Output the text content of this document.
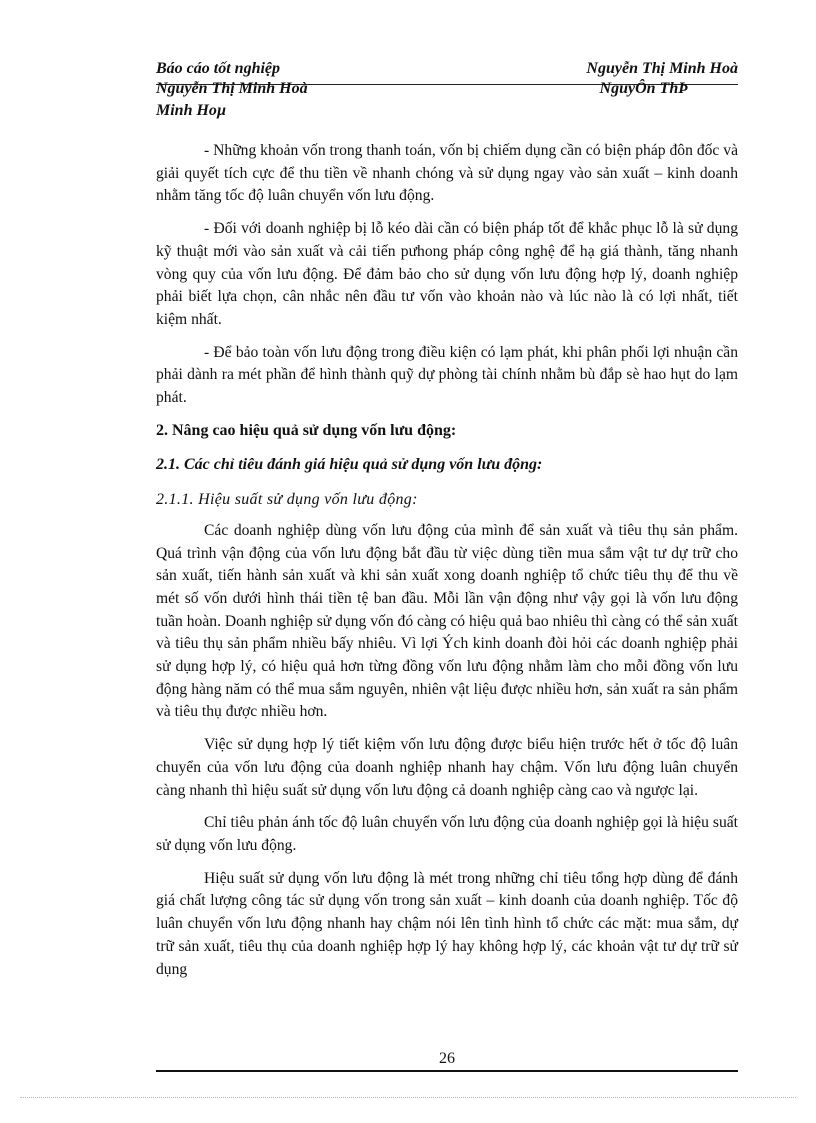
Báo cáo tốt nghiệp	Nguyễn Thị Minh Hoà
Nguyễn Thị Minh Hoà	NguyÔn ThÞ
Minh Hoµ

- Những khoản vốn trong thanh toán, vốn bị chiếm dụng cần có biện pháp đôn đốc và giải quyết tích cực để thu tiền về nhanh chóng và sử dụng ngay vào sản xuất – kinh doanh nhằm tăng tốc độ luân chuyển vốn lưu động.

- Đối với doanh nghiệp bị lỗ kéo dài cần có biện pháp tốt để khắc phục lỗ là sử dụng kỹ thuật mới vào sản xuất và cải tiến pưhong pháp công nghệ để hạ giá thành, tăng nhanh vòng quy của vốn lưu động. Để đảm bảo cho sử dụng vốn lưu động hợp lý, doanh nghiệp phải biết lựa chọn, cân nhắc nên đầu tư vốn vào khoản nào và lúc nào là có lợi nhất, tiết kiệm nhất.

- Để bảo toàn vốn lưu động trong điều kiện có lạm phát, khi phân phối lợi nhuận cần phải dành ra mét phần để hình thành quỹ dự phòng tài chính nhằm bù đắp sè hao hụt do lạm phát.

2. Nâng cao hiệu quả sử dụng vốn lưu động:

2.1. Các chỉ tiêu đánh giá hiệu quả sử dụng vốn lưu động:

2.1.1. Hiệu suất sử dụng vốn lưu động:

Các doanh nghiệp dùng vốn lưu động của mình để sản xuất và tiêu thụ sản phẩm. Quá trình vận động của vốn lưu động bắt đầu từ việc dùng tiền mua sắm vật tư dự trữ cho sản xuất, tiến hành sản xuất và khi sản xuất xong doanh nghiệp tổ chức tiêu thụ để thu về mét số vốn dưới hình thái tiền tệ ban đầu. Mỗi lần vận động như vậy gọi là vốn lưu động tuần hoàn. Doanh nghiệp sử dụng vốn đó càng có hiệu quả bao nhiêu thì càng có thể sản xuất và tiêu thụ sản phẩm nhiều bấy nhiêu. Vì lợi Ých kinh doanh đòi hỏi các doanh nghiệp phải sử dụng hợp lý, có hiệu quả hơn từng đồng vốn lưu động nhằm làm cho mỗi đồng vốn lưu động hàng năm có thể mua sắm nguyên, nhiên vật liệu được nhiều hơn, sản xuất ra sản phẩm và tiêu thụ được nhiều hơn.

Việc sử dụng hợp lý tiết kiệm vốn lưu động được biểu hiện trước hết ở tốc độ luân chuyển của vốn lưu động của doanh nghiệp nhanh hay chậm. Vốn lưu động luân chuyển càng nhanh thì hiệu suất sử dụng vốn lưu động cả doanh nghiệp càng cao và ngược lại.

Chỉ tiêu phản ánh tốc độ luân chuyển vốn lưu động của doanh nghiệp gọi là hiệu suất sử dụng vốn lưu động.

Hiệu suất sử dụng vốn lưu động là mét trong những chỉ tiêu tổng hợp dùng để đánh giá chất lượng công tác sử dụng vốn trong sản xuất – kinh doanh của doanh nghiệp. Tốc độ luân chuyển vốn lưu động nhanh hay chậm nói lên tình hình tổ chức các mặt: mua sắm, dự trữ sản xuất, tiêu thụ của doanh nghiệp hợp lý hay không hợp lý, các khoản vật tư dự trữ sử dụng

26
